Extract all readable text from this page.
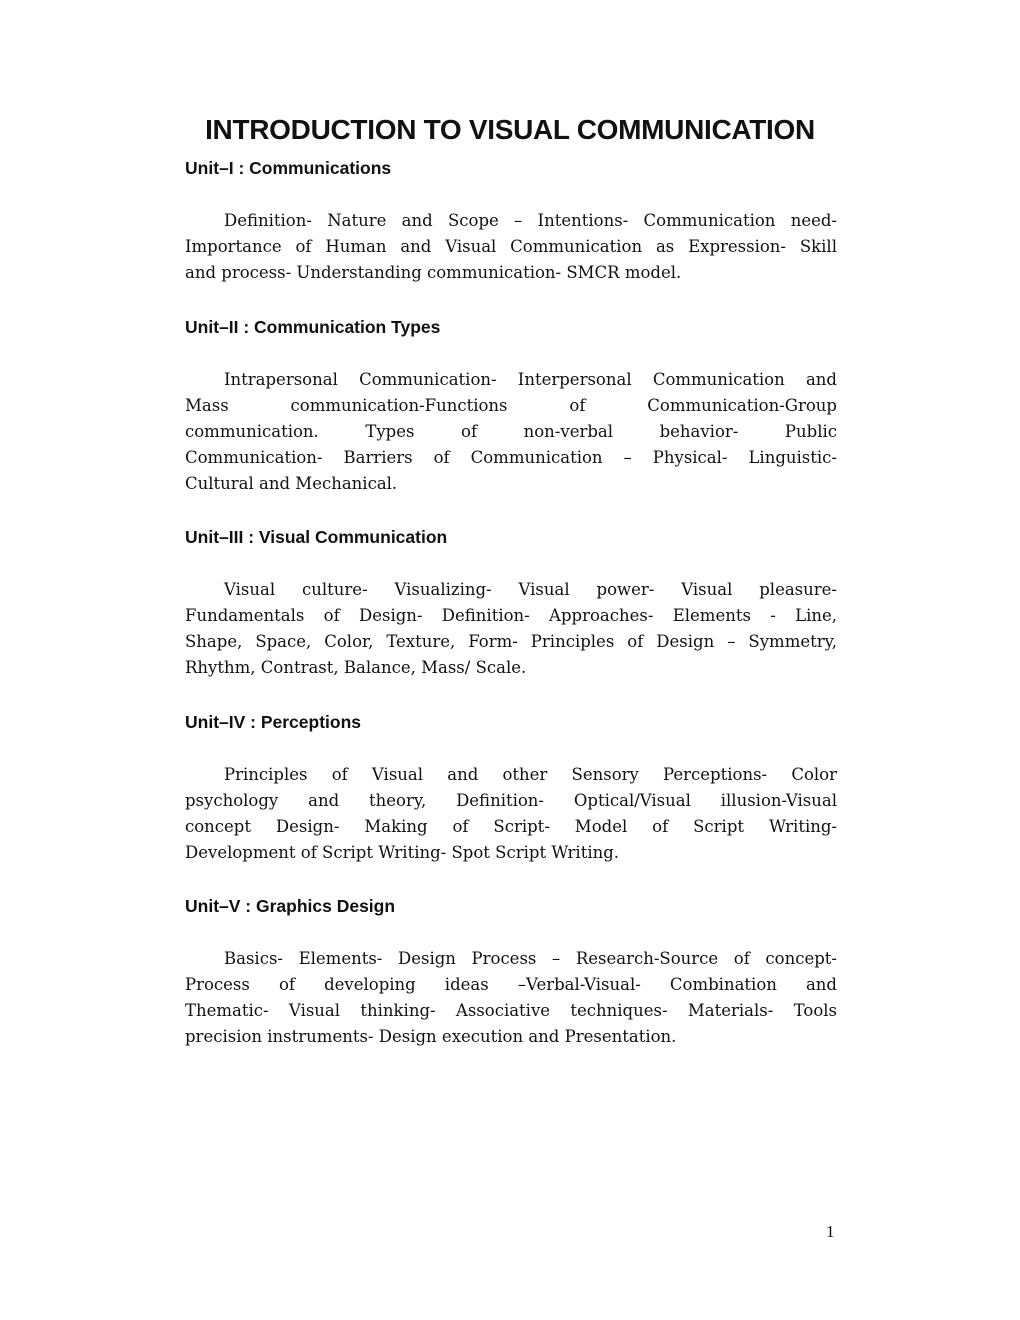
INTRODUCTION TO VISUAL COMMUNICATION
Unit–I : Communications
Definition- Nature and Scope – Intentions- Communication need-
Importance of Human and Visual Communication as Expression- Skill
and process- Understanding communication- SMCR model.
Unit–II : Communication Types
Intrapersonal Communication- Interpersonal Communication and
Mass communication-Functions of Communication-Group
communication. Types of non-verbal behavior- Public
Communication- Barriers of Communication – Physical- Linguistic-
Cultural and Mechanical.
Unit–III : Visual Communication
Visual culture- Visualizing- Visual power- Visual pleasure-
Fundamentals of Design- Definition- Approaches- Elements - Line,
Shape, Space, Color, Texture, Form- Principles of Design – Symmetry,
Rhythm, Contrast, Balance, Mass/ Scale.
Unit–IV : Perceptions
Principles of Visual and other Sensory Perceptions- Color
psychology and theory, Definition- Optical/Visual illusion-Visual
concept Design- Making of Script- Model of Script Writing-
Development of Script Writing- Spot Script Writing.
Unit–V : Graphics Design
Basics- Elements- Design Process – Research-Source of concept-
Process of developing ideas –Verbal-Visual- Combination and
Thematic- Visual thinking- Associative techniques- Materials- Tools
precision instruments- Design execution and Presentation.
1
